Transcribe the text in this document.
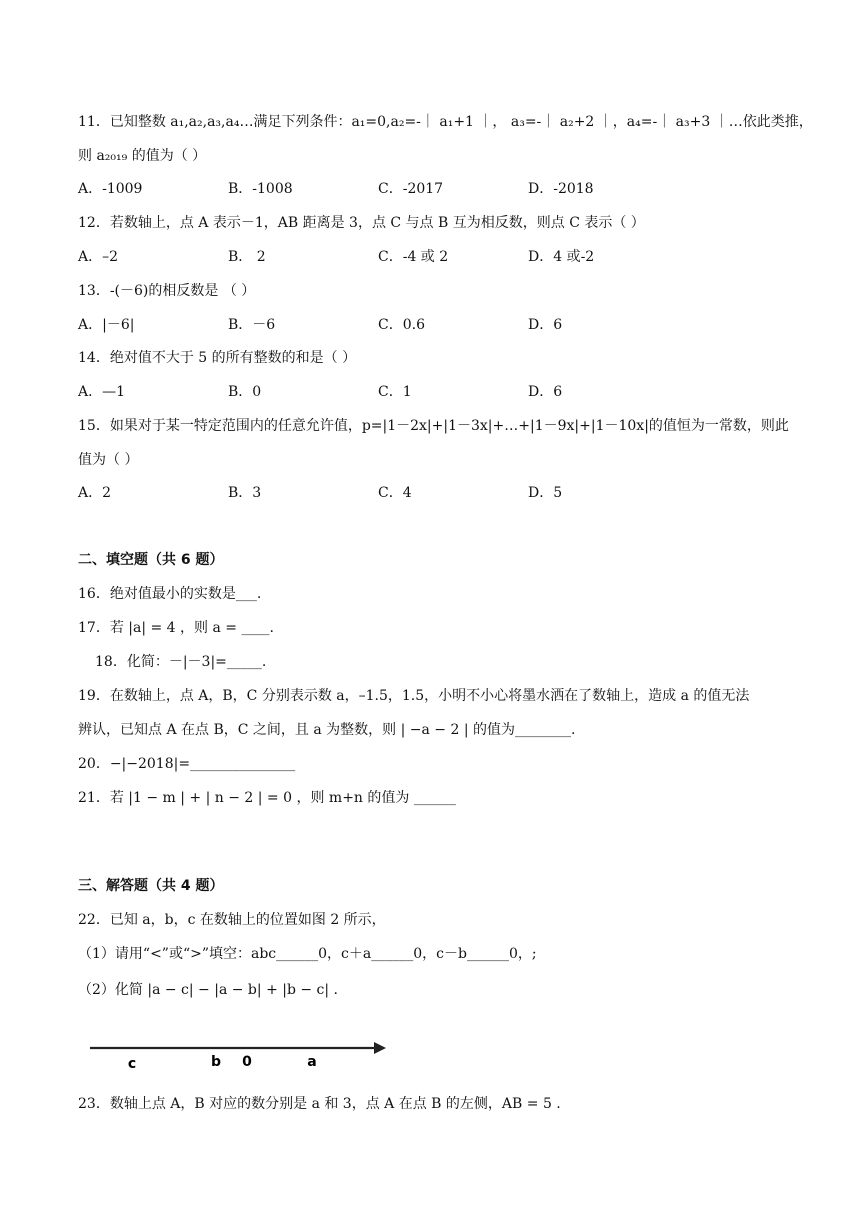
11．已知整数 a₁,a₂,a₃,a₄…满足下列条件：a₁=0,a₂=-｜ a₁+1 ｜， a₃=-｜ a₂+2 ｜，a₄=-｜ a₃+3 ｜…依此类推，
则 a₂₀₁₉ 的值为（ ）
A．-1009	B．-1008	C．-2017	D．-2018
12．若数轴上，点 A 表示－1，AB 距离是 3，点 C 与点 B 互为相反数，则点 C 表示（ ）
A．–2	B． 2	C．-4 或 2	D．4 或-2
13．-(－6)的相反数是 （ ）
A．|－6|	B．－6	C．0.6	D．6
14．绝对值不大于 5 的所有整数的和是（ ）
A．—1	B．0	C．1	D．6
15．如果对于某一特定范围内的任意允许值，p=|1－2x|+|1－3x|+…+|1－9x|+|1－10x|的值恒为一常数，则此
值为（ ）
A．2	B．3	C．4	D．5
二、填空题（共 6 题）
16．绝对值最小的实数是___.
17．若 |a| = 4 ，则 a = ____.
18．化简：－|－3|=_____.
19．在数轴上，点 A，B，C 分别表示数 a，–1.5，1.5，小明不小心将墨水洒在了数轴上，造成 a 的值无法
辨认，已知点 A 在点 B，C 之间，且 a 为整数，则 | −a − 2 | 的值为________.
20．−|−2018|=_______________
21．若 |1 − m | + | n − 2 | = 0 ，则 m+n 的值为 ______
三、解答题（共 4 题）
22．已知 a，b，c 在数轴上的位置如图 2 所示，
（1）请用“<”或“>”填空：abc______0，c＋a______0，c－b______0，;
（2）化简 |a − c| − |a − b| + |b − c| .
c	b 0	a
23．数轴上点 A，B 对应的数分别是 a 和 3，点 A 在点 B 的左侧，AB = 5 .
